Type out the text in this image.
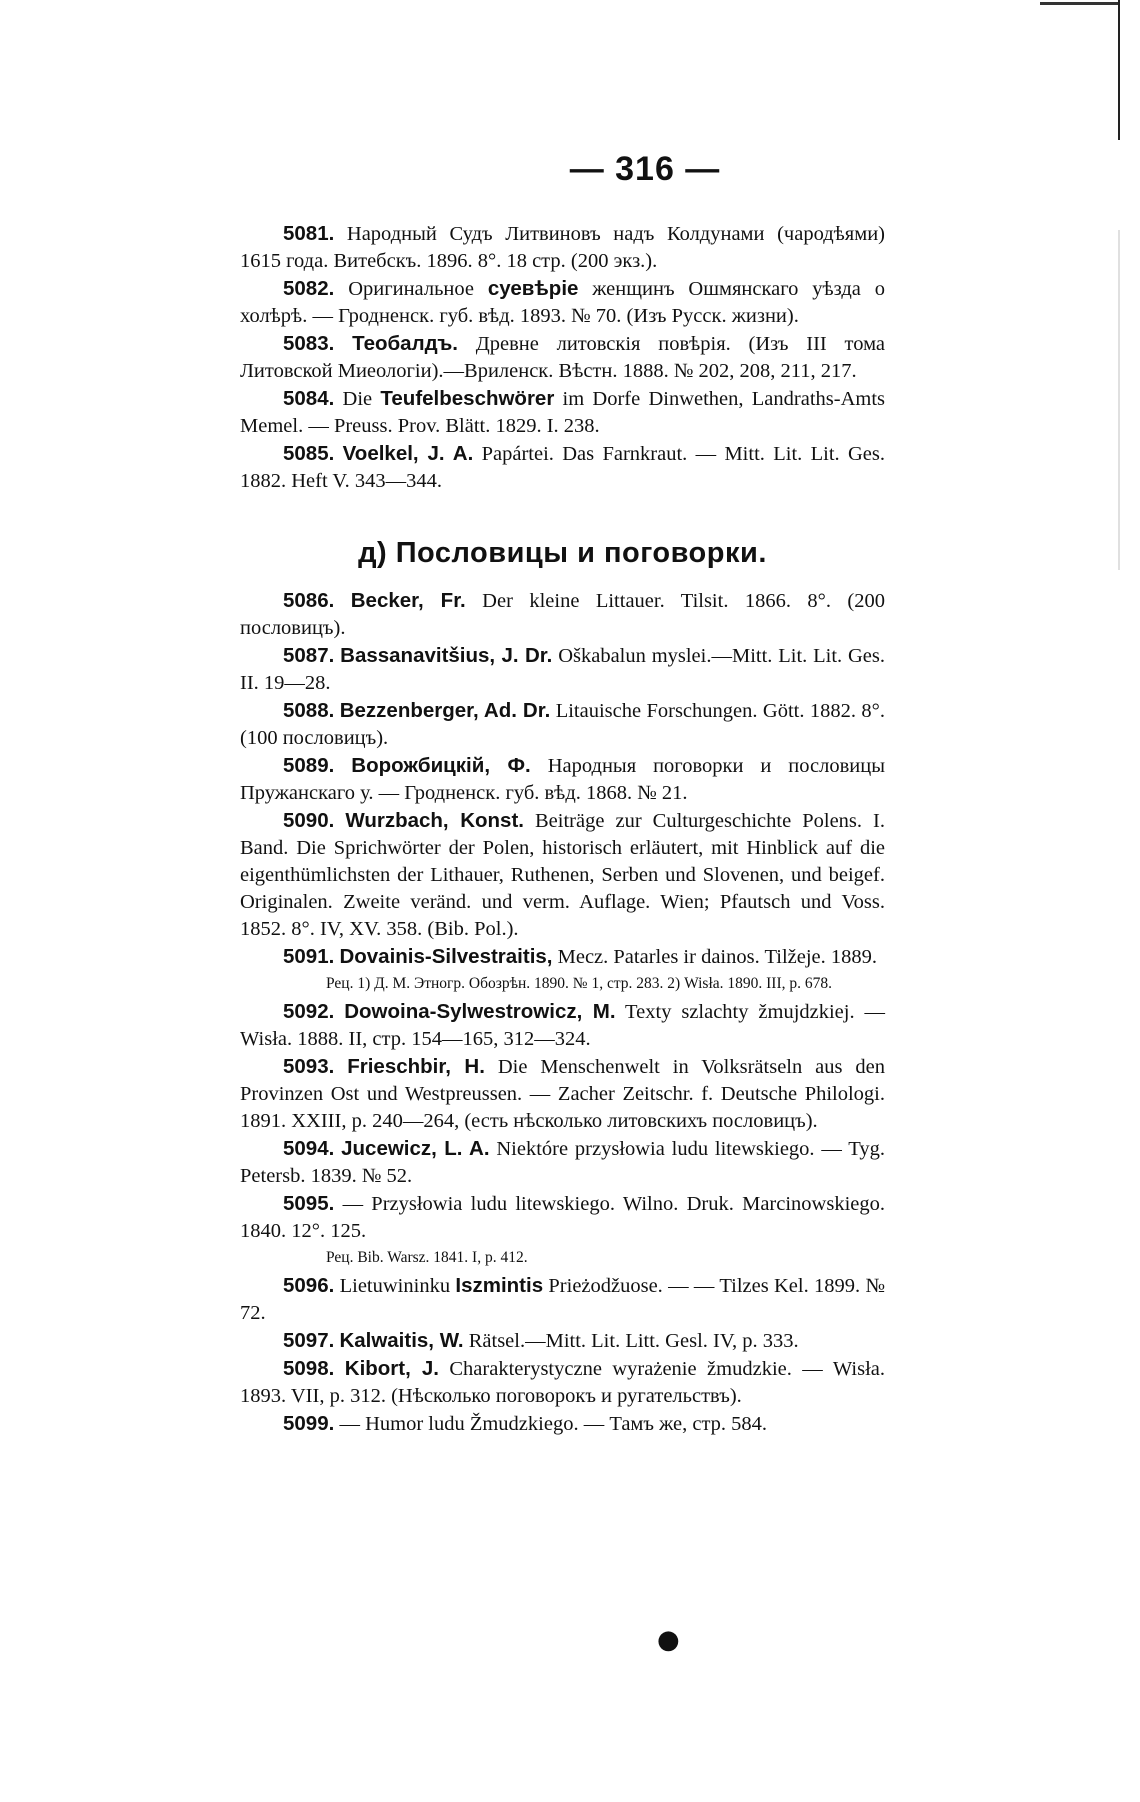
— 316 —

5081. Народный Судъ Литвиновъ надъ Колдунами (чародѣями) 1615 года. Витебскъ. 1896. 8°. 18 стр. (200 экз.).

5082. Оригинальное суевѣріе женщинъ Ошмянскаго уѣзда о холѣрѣ. — Гродненск. губ. вѣд. 1893. № 70. (Изъ Русск. жизни).

5083. Теобалдъ. Древне литовскія повѣрія. (Изъ III тома Литовской Миеологіи).—Вриленск. Вѣстн. 1888. № 202, 208, 211, 217.

5084. Die Teufelbeschwörer im Dorfe Dinwethen, Landraths-Amts Memel. — Preuss. Prov. Blätt. 1829. I. 238.

5085. Voelkel, J. A. Papártei. Das Farnkraut. — Mitt. Lit. Lit. Ges. 1882. Heft V. 343—344.

д) Пословицы и поговорки.

5086. Becker, Fr. Der kleine Littauer. Tilsit. 1866. 8°. (200 пословицъ).

5087. Bassanavitšius, J. Dr. Oškabalun myslei.—Mitt. Lit. Lit. Ges. II. 19—28.

5088. Bezzenberger, Ad. Dr. Litauische Forschungen. Gött. 1882. 8°. (100 пословицъ).

5089. Ворожбицкій, Ф. Народныя поговорки и пословицы Пружанскаго у. — Гродненск. губ. вѣд. 1868. № 21.

5090. Wurzbach, Konst. Beiträge zur Culturgeschichte Polens. I. Band. Die Sprichwörter der Polen, historisch erläutert, mit Hinblick auf die eigenthümlichsten der Lithauer, Ruthenen, Serben und Slovenen, und beigef. Originalen. Zweite veränd. und verm. Auflage. Wien; Pfautsch und Voss. 1852. 8°. IV, XV. 358. (Bib. Pol.).

5091. Dovainis-Silvestraitis, Mecz. Patarles ir dainos. Tilžeje. 1889.

Рец. 1) Д. М. Этногр. Обозрѣн. 1890. № 1, стр. 283. 2) Wisła. 1890. III, p. 678.

5092. Dowoina-Sylwestrowicz, M. Texty szlachty žmujdzkiej. — Wisła. 1888. II, стр. 154—165, 312—324.

5093. Frieschbir, H. Die Menschenwelt in Volksrätseln aus den Provinzen Ost und Westpreussen. — Zacher Zeitschr. f. Deutsche Philologi. 1891. XXIII, p. 240—264, (есть нѣсколько литовскихъ пословицъ).

5094. Jucewicz, L. A. Niektóre przysłowia ludu litewskiego. — Tyg. Petersb. 1839. № 52.

5095. — Przysłowia ludu litewskiego. Wilno. Druk. Marcinowskiego. 1840. 12°. 125.

Рец. Bib. Warsz. 1841. I, p. 412.

5096. Lietuwininku Iszmintis Prieżodžuose. — — Tilzes Kel. 1899. № 72.

5097. Kalwaitis, W. Rätsel.—Mitt. Lit. Litt. Gesl. IV, p. 333.

5098. Kibort, J. Charakterystyczne wyrażenie žmudzkie. — Wisła. 1893. VII, p. 312. (Нѣсколько поговорокъ и ругательствъ).

5099. — Humor ludu Žmudzkiego. — Тамъ же, стр. 584.

●
